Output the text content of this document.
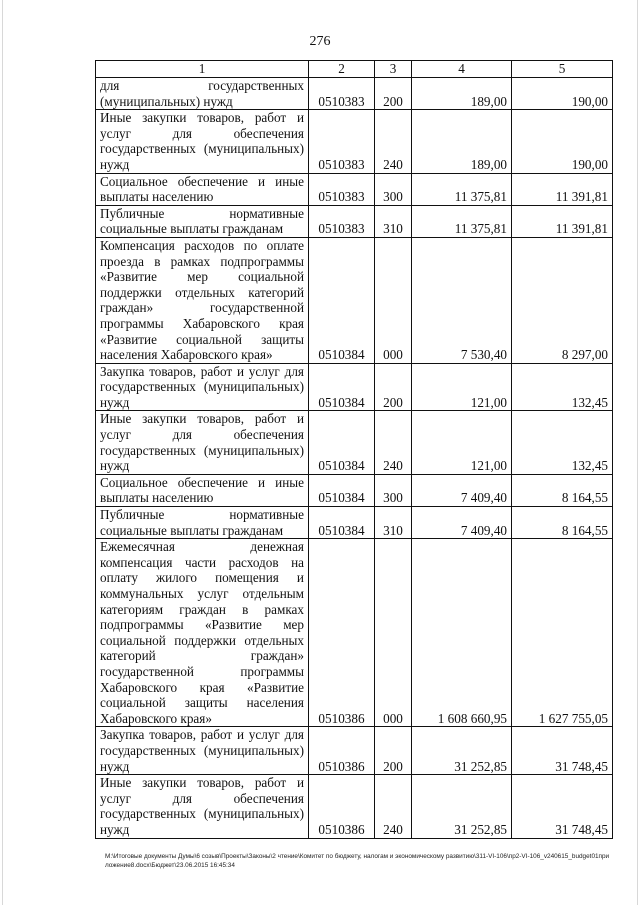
276
1	2	3	4	5
для государственных (муниципальных) нужд	0510383	200	189,00	190,00
Иные закупки товаров, работ и услуг для обеспечения государственных (муниципальных) нужд	0510383	240	189,00	190,00
Социальное обеспечение и иные выплаты населению	0510383	300	11 375,81	11 391,81
Публичные нормативные социальные выплаты гражданам	0510383	310	11 375,81	11 391,81
Компенсация расходов по оплате проезда в рамках подпрограммы «Развитие мер социальной поддержки отдельных категорий граждан» государственной программы Хабаровского края «Развитие социальной защиты населения Хабаровского края»	0510384	000	7 530,40	8 297,00
Закупка товаров, работ и услуг для государственных (муниципальных) нужд	0510384	200	121,00	132,45
Иные закупки товаров, работ и услуг для обеспечения государственных (муниципальных) нужд	0510384	240	121,00	132,45
Социальное обеспечение и иные выплаты населению	0510384	300	7 409,40	8 164,55
Публичные нормативные социальные выплаты гражданам	0510384	310	7 409,40	8 164,55
Ежемесячная денежная компенсация части расходов на оплату жилого помещения и коммунальных услуг отдельным категориям граждан в рамках подпрограммы «Развитие мер социальной поддержки отдельных категорий граждан» государственной программы Хабаровского края «Развитие социальной защиты населения Хабаровского края»	0510386	000	1 608 660,95	1 627 755,05
Закупка товаров, работ и услуг для государственных (муниципальных) нужд	0510386	200	31 252,85	31 748,45
Иные закупки товаров, работ и услуг для обеспечения государственных (муниципальных) нужд	0510386	240	31 252,85	31 748,45
M:\Итоговые документы Думы\6 созыв\Проекты\Законы\2 чтение\Комитет по бюджету, налогам и экономическому развитию\311-VI-106\пр2-VI-106_v240615_budget01приложение8.docx\Бюджет\23.06.2015 16:45:34
